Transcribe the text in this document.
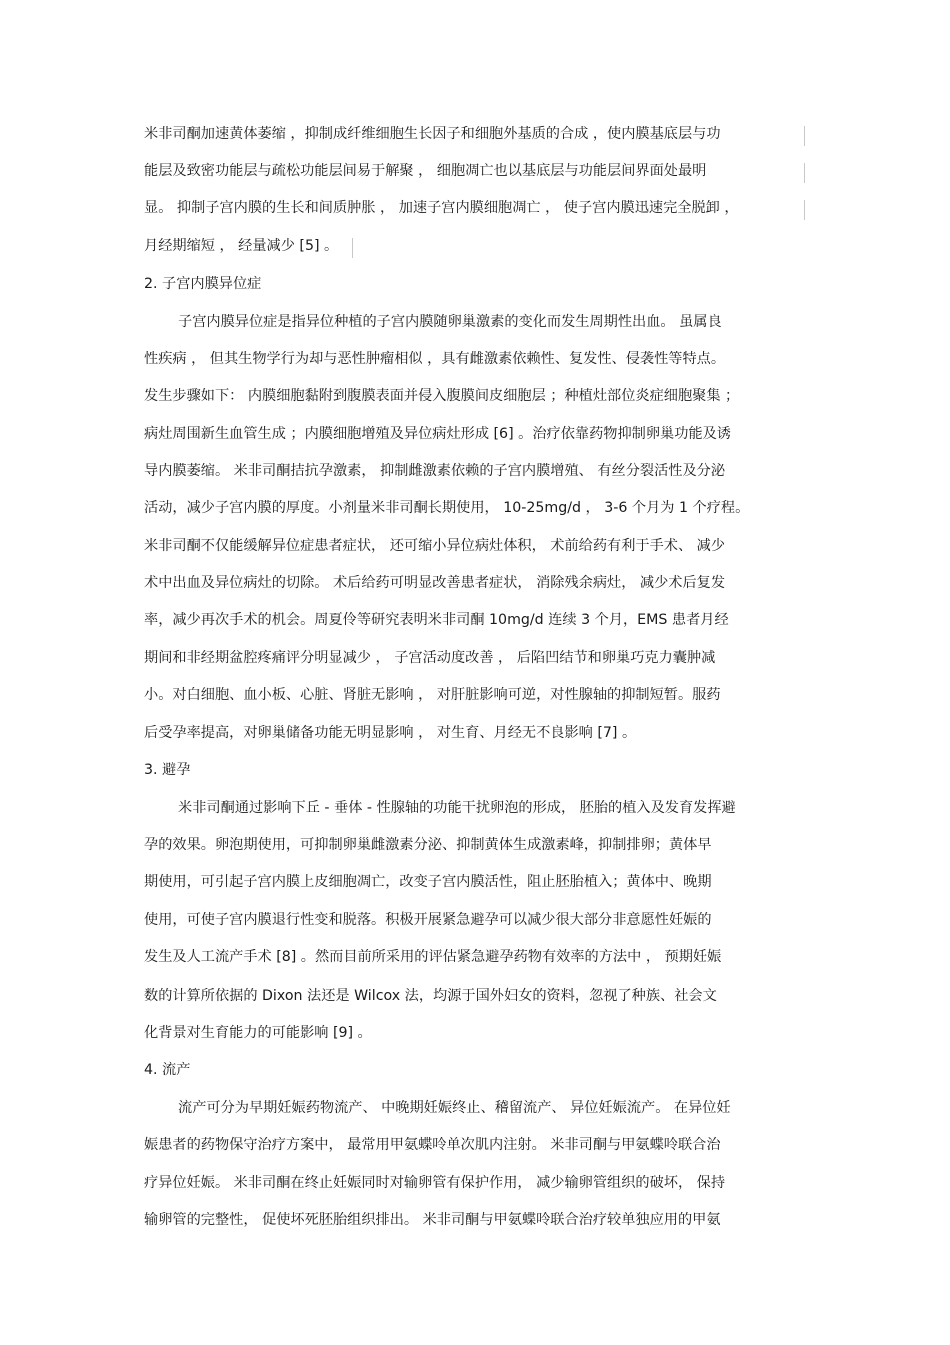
米非司酮加速黄体萎缩 ，抑制成纤维细胞生长因子和细胞外基质的合成 ，使内膜基底层与功
能层及致密功能层与疏松功能层间易于解聚 ， 细胞凋亡也以基底层与功能层间界面处最明
显。 抑制子宫内膜的生长和间质肿胀 ， 加速子宫内膜细胞凋亡 ， 使子宫内膜迅速完全脱卸 ，
月经期缩短 ， 经量减少 [5] 。
2. 子宫内膜异位症
子宫内膜异位症是指异位种植的子宫内膜随卵巢激素的变化而发生周期性出血。 虽属良
性疾病 ， 但其生物学行为却与恶性肿瘤相似 ，具有雌激素依赖性、复发性、侵袭性等特点。
发生步骤如下： 内膜细胞黏附到腹膜表面并侵入腹膜间皮细胞层 ；种植灶部位炎症细胞聚集 ；
病灶周围新生血管生成 ；内膜细胞增殖及异位病灶形成 [6] 。治疗依靠药物抑制卵巢功能及诱
导内膜萎缩。 米非司酮拮抗孕激素， 抑制雌激素依赖的子宫内膜增殖、 有丝分裂活性及分泌
活动，减少子宫内膜的厚度。小剂量米非司酮长期使用， 10-25mg/d ， 3-6 个月为 1 个疗程。
米非司酮不仅能缓解异位症患者症状， 还可缩小异位病灶体积， 术前给药有利于手术、 减少
术中出血及异位病灶的切除。 术后给药可明显改善患者症状， 消除残余病灶， 减少术后复发
率，减少再次手术的机会。周夏伶等研究表明米非司酮 10mg/d 连续 3 个月，EMS 患者月经
期间和非经期盆腔疼痛评分明显减少 ， 子宫活动度改善 ， 后陷凹结节和卵巢巧克力囊肿减
小。对白细胞、血小板、心脏、肾脏无影响 ， 对肝脏影响可逆，对性腺轴的抑制短暂。服药
后受孕率提高，对卵巢储备功能无明显影响 ， 对生育、月经无不良影响 [7] 。
3. 避孕
米非司酮通过影响下丘 - 垂体 - 性腺轴的功能干扰卵泡的形成， 胚胎的植入及发育发挥避
孕的效果。卵泡期使用，可抑制卵巢雌激素分泌、抑制黄体生成激素峰，抑制排卵；黄体早
期使用，可引起子宫内膜上皮细胞凋亡，改变子宫内膜活性，阻止胚胎植入；黄体中、晚期
使用，可使子宫内膜退行性变和脱落。积极开展紧急避孕可以减少很大部分非意愿性妊娠的
发生及人工流产手术 [8] 。然而目前所采用的评估紧急避孕药物有效率的方法中 ， 预期妊娠
数的计算所依据的 Dixon 法还是 Wilcox 法，均源于国外妇女的资料，忽视了种族、社会文
化背景对生育能力的可能影响 [9] 。
4. 流产
流产可分为早期妊娠药物流产、 中晚期妊娠终止、稽留流产、 异位妊娠流产。 在异位妊
娠患者的药物保守治疗方案中， 最常用甲氨蝶呤单次肌内注射。 米非司酮与甲氨蝶呤联合治
疗异位妊娠。 米非司酮在终止妊娠同时对输卵管有保护作用， 减少输卵管组织的破坏， 保持
输卵管的完整性， 促使坏死胚胎组织排出。 米非司酮与甲氨蝶呤联合治疗较单独应用的甲氨
